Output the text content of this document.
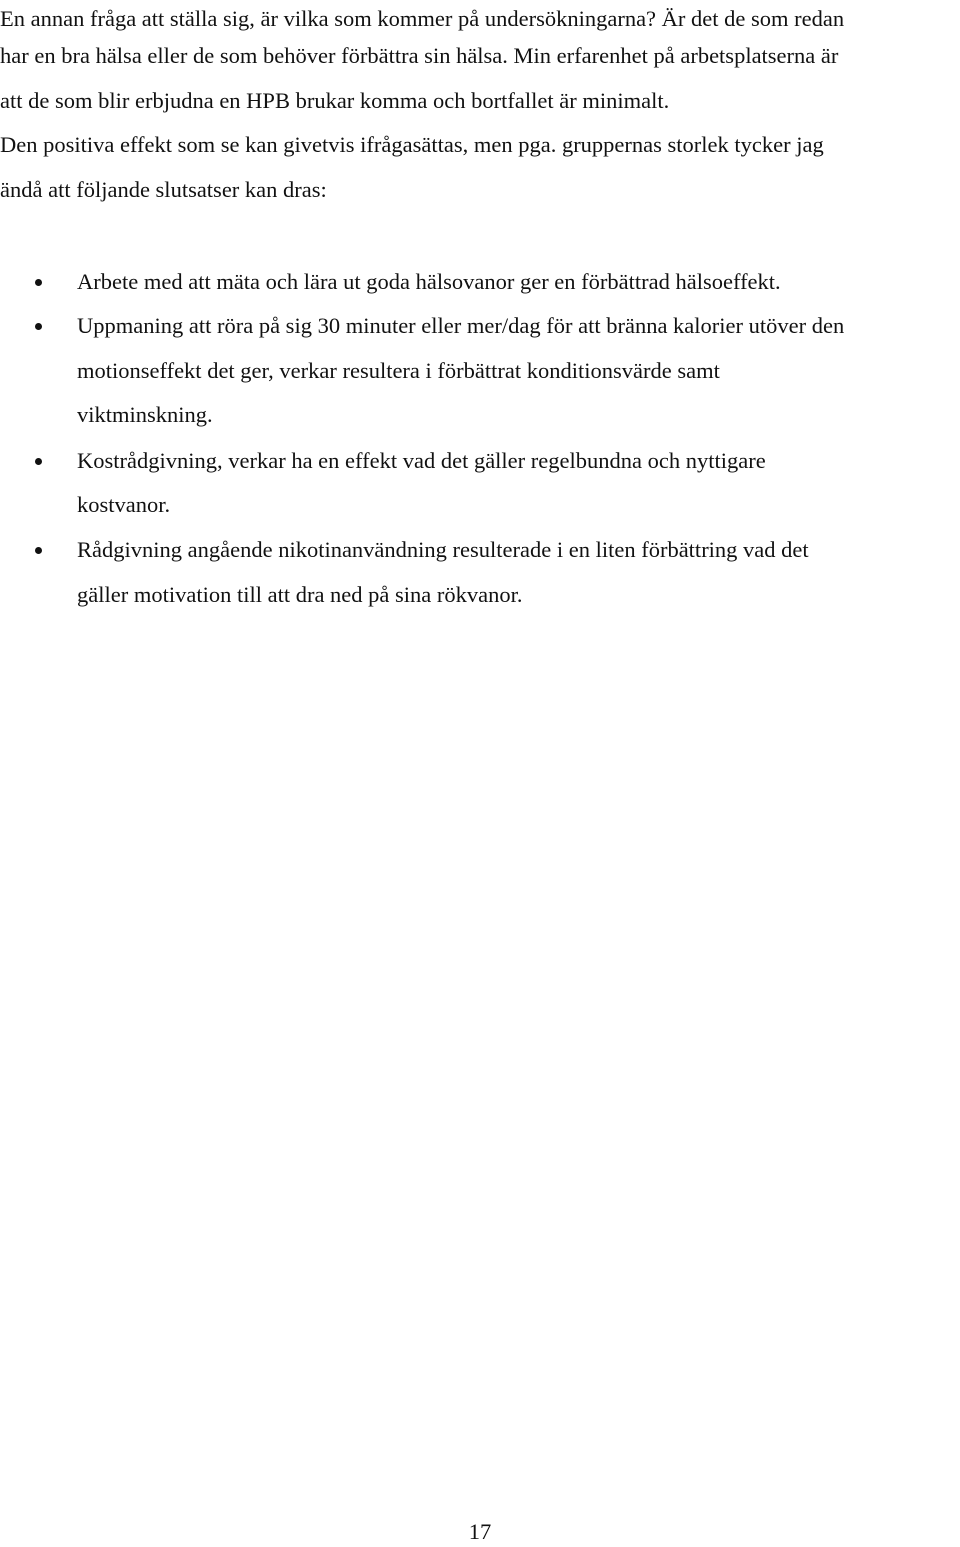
En annan fråga att ställa sig, är vilka som kommer på undersökningarna? Är det de som redan
har en bra hälsa eller de som behöver förbättra sin hälsa. Min erfarenhet på arbetsplatserna är
att de som blir erbjudna en HPB brukar komma och bortfallet är minimalt.
Den positiva effekt som se kan givetvis ifrågasättas, men pga. gruppernas storlek tycker jag
ändå att följande slutsatser kan dras:
Arbete med att mäta och lära ut goda hälsovanor ger en förbättrad hälsoeffekt.
Uppmaning att röra på sig 30 minuter eller mer/dag för att bränna kalorier utöver den
motionseffekt det ger, verkar resultera i förbättrat konditionsvärde samt
viktminskning.
Kostrådgivning, verkar ha en effekt vad det gäller regelbundna och nyttigare
kostvanor.
Rådgivning angående nikotinanvändning resulterade i en liten förbättring vad det
gäller motivation till att dra ned på sina rökvanor.
17
